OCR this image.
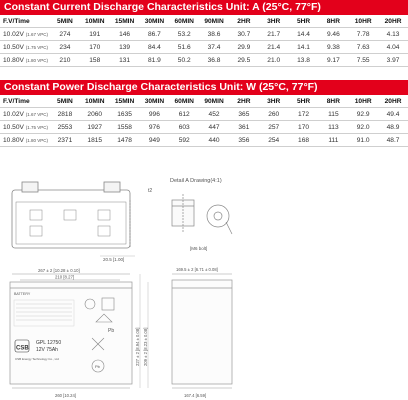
Constant Current Discharge Characteristics Unit: A (25°C, 77°F)
F.V/Time	5MIN	10MIN	15MIN	30MIN	60MIN	90MIN	2HR	3HR	5HR	8HR	10HR	20HR
10.02V (1.67 VPC)	274	191	146	86.7	53.2	38.6	30.7	21.7	14.4	9.46	7.78	4.13
10.50V (1.75 VPC)	234	170	139	84.4	51.6	37.4	29.9	21.4	14.1	9.38	7.63	4.04
10.80V (1.80 VPC)	210	158	131	81.9	50.2	36.8	29.5	21.0	13.8	9.17	7.55	3.97
Constant Power Discharge Characteristics Unit: W (25°C, 77°F)
F.V/Time	5MIN	10MIN	15MIN	30MIN	60MIN	90MIN	2HR	3HR	5HR	8HR	10HR	20HR
10.02V (1.67 VPC)	2818	2060	1635	996	612	452	365	260	172	115	92.9	49.4
10.50V (1.75 VPC)	2553	1927	1558	976	603	447	361	257	170	113	92.0	48.9
10.80V (1.80 VPC)	2371	1815	1478	949	592	440	356	254	168	111	91.0	48.7
20.5 [1.00]
Detail A Drawing(4:1)
t2
[M6 bolt]
267 ± 2 [10.28 ± 0.10]
210 [8.27]
BATTERY
Pb
CSB
GPL 12750
12V 75Ah
CSB Energy Technology Co., Ltd
Pb
227 ± 2 [8.94 ± 0.08] 209 ± 2 [8.23 ± 0.08]
169.5 ± 2 [6.71 ± 0.08]
167.4 [6.59]
260 [10.24]
